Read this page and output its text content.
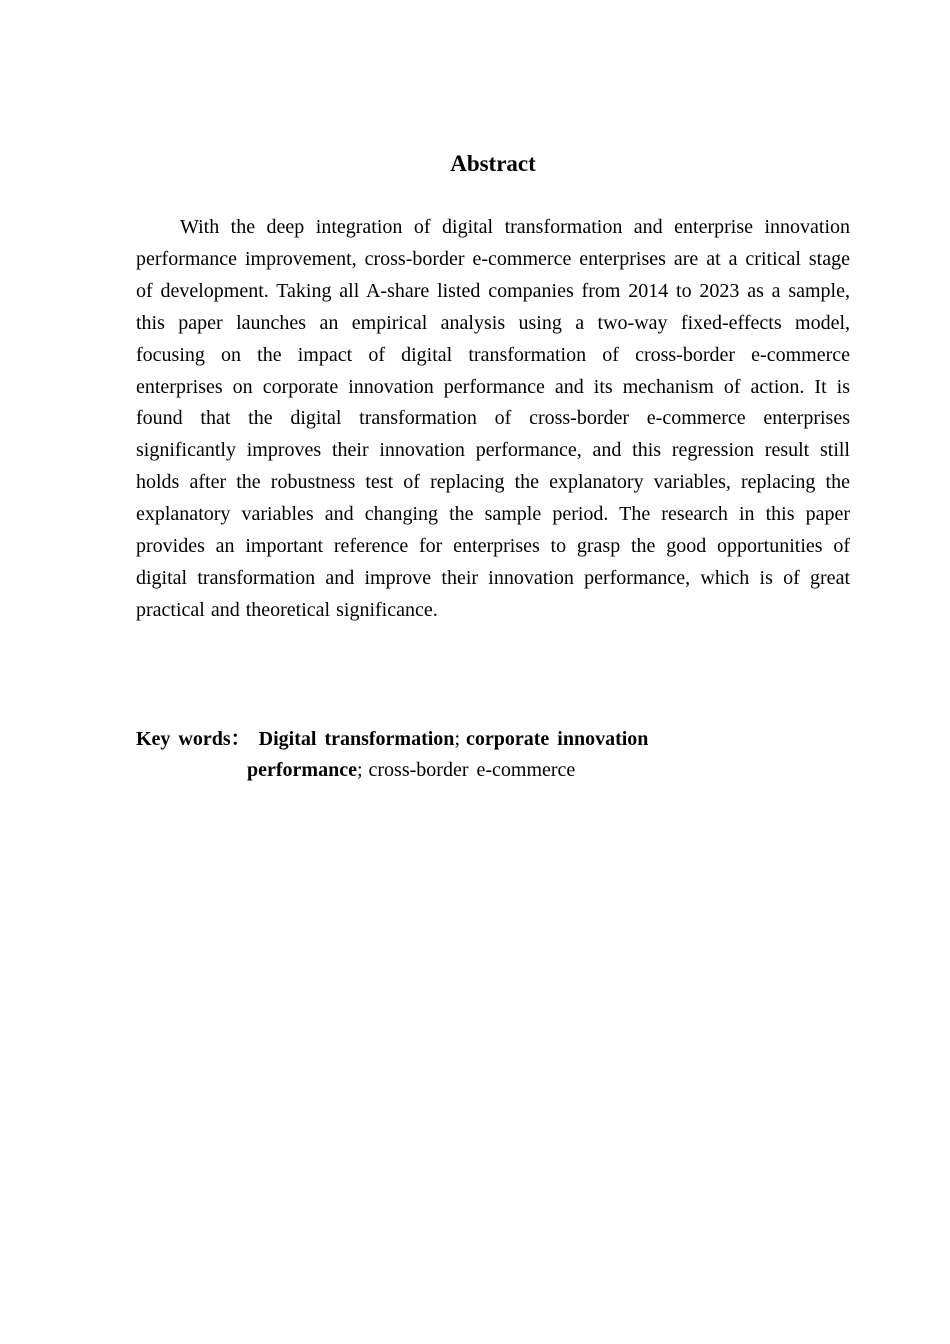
Abstract

With the deep integration of digital transformation and enterprise innovation performance improvement, cross-border e-commerce enterprises are at a critical stage of development. Taking all A-share listed companies from 2014 to 2023 as a sample, this paper launches an empirical analysis using a two-way fixed-effects model, focusing on the impact of digital transformation of cross-border e-commerce enterprises on corporate innovation performance and its mechanism of action. It is found that the digital transformation of cross-border e-commerce enterprises significantly improves their innovation performance, and this regression result still holds after the robustness test of replacing the explanatory variables, replacing the explanatory variables and changing the sample period. The research in this paper provides an important reference for enterprises to grasp the good opportunities of digital transformation and improve their innovation performance, which is of great practical and theoretical significance.

Key words： Digital transformation; corporate innovation
performance; cross-border e-commerce
